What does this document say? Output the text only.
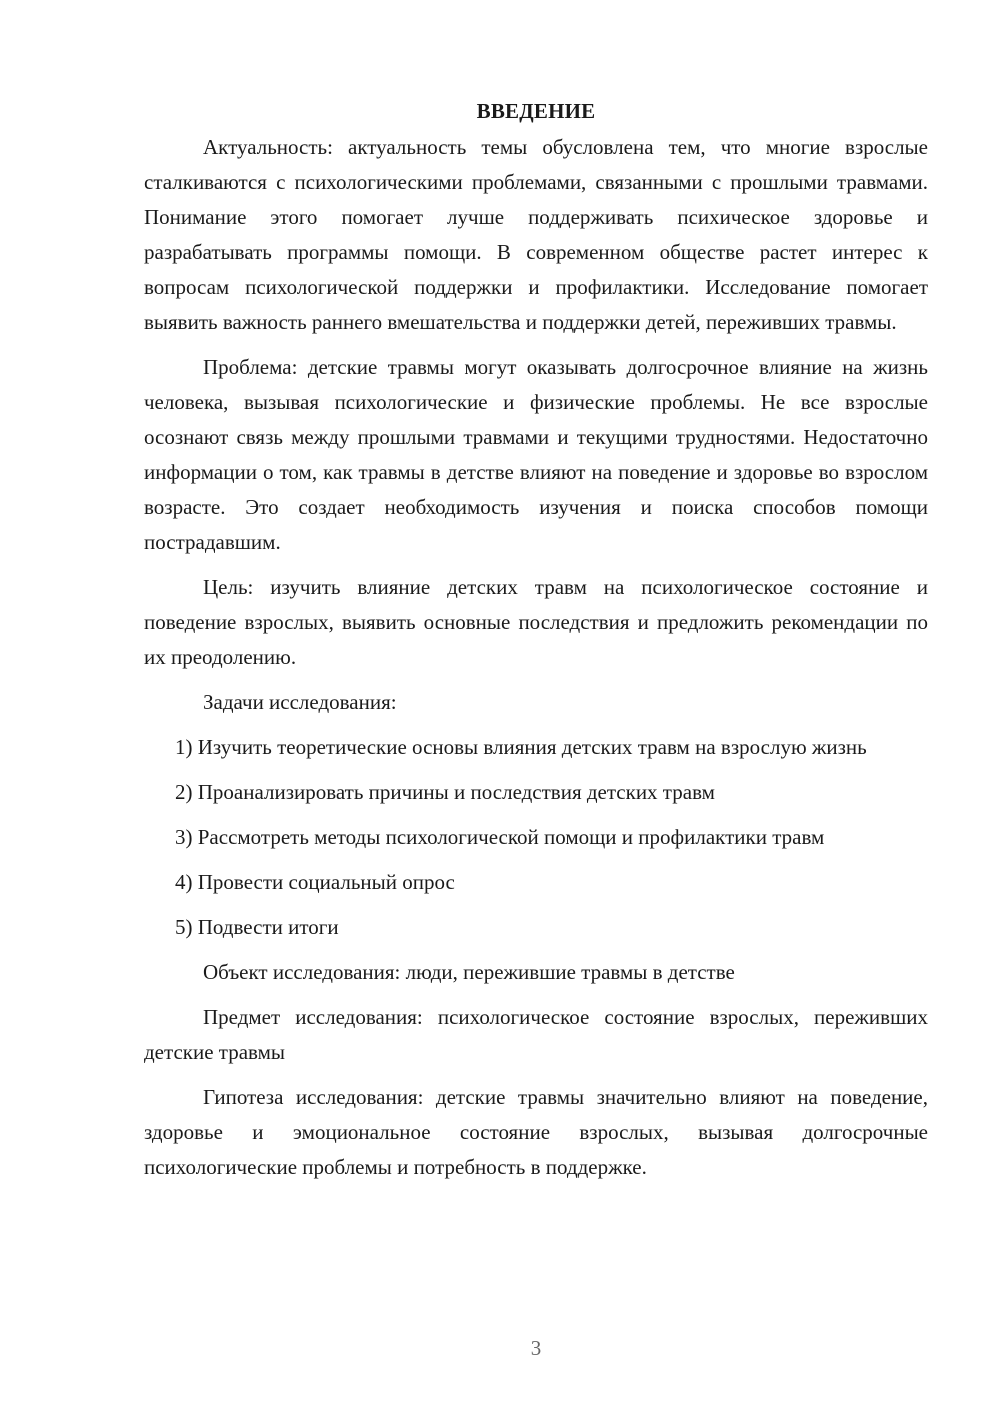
ВВЕДЕНИЕ

Актуальность: актуальность темы обусловлена тем, что многие взрослые сталкиваются с психологическими проблемами, связанными с прошлыми травмами. Понимание этого помогает лучше поддерживать психическое здоровье и разрабатывать программы помощи. В современном обществе растет интерес к вопросам психологической поддержки и профилактики. Исследование помогает выявить важность раннего вмешательства и поддержки детей, переживших травмы.

Проблема: детские травмы могут оказывать долгосрочное влияние на жизнь человека, вызывая психологические и физические проблемы. Не все взрослые осознают связь между прошлыми травмами и текущими трудностями. Недостаточно информации о том, как травмы в детстве влияют на поведение и здоровье во взрослом возрасте. Это создает необходимость изучения и поиска способов помощи пострадавшим.

Цель: изучить влияние детских травм на психологическое состояние и поведение взрослых, выявить основные последствия и предложить рекомендации по их преодолению.

Задачи исследования:

1) Изучить теоретические основы влияния детских травм на взрослую жизнь

2) Проанализировать причины и последствия детских травм

3) Рассмотреть методы психологической помощи и профилактики травм

4) Провести социальный опрос

5) Подвести итоги

Объект исследования: люди, пережившие травмы в детстве

Предмет исследования: психологическое состояние взрослых, переживших детские травмы

Гипотеза исследования: детские травмы значительно влияют на поведение, здоровье и эмоциональное состояние взрослых, вызывая долгосрочные психологические проблемы и потребность в поддержке.

3
